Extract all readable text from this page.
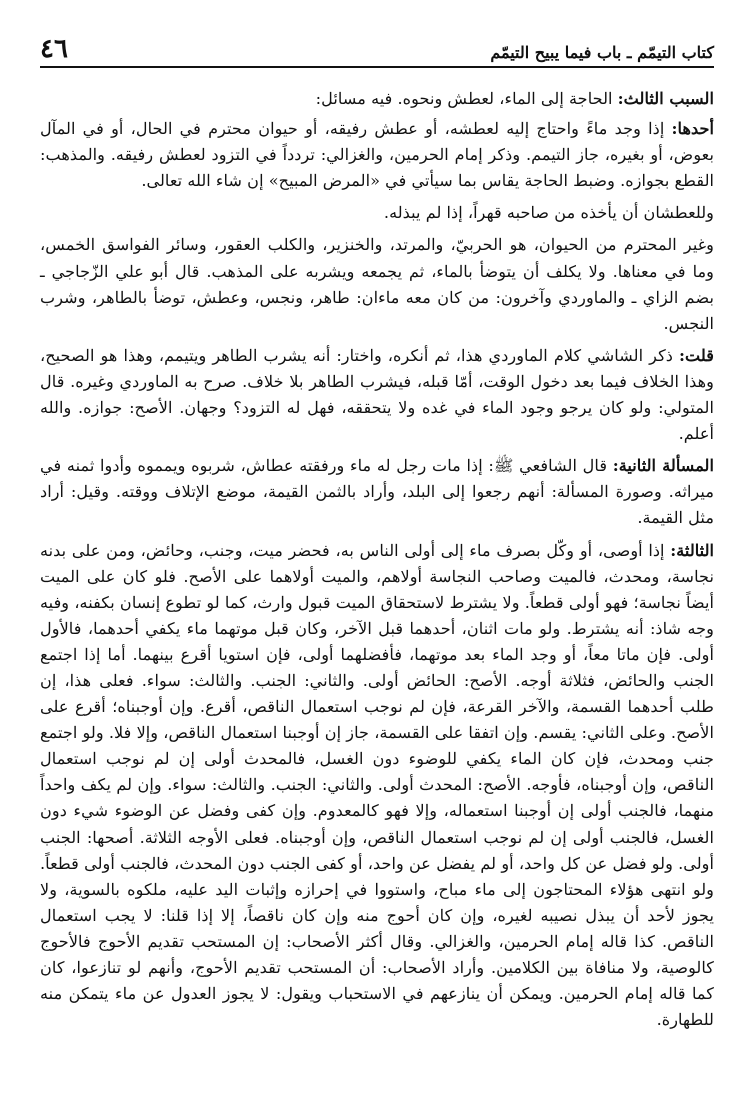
كتاب التيمّم ـ باب فيما يبيح التيمّم
٤٦

السبب الثالث: الحاجة إلى الماء، لعطش ونحوه. فيه مسائل:

أحدها: إذا وجد ماءً واحتاج إليه لعطشه، أو عطش رفيقه، أو حيوان محترم في الحال، أو في المآل بعوض، أو بغيره، جاز التيمم. وذكر إمام الحرمين، والغزالي: تردداً في التزود لعطش رفيقه. والمذهب: القطع بجوازه. وضبط الحاجة يقاس بما سيأتي في «المرض المبيح» إن شاء الله تعالى.

وللعطشان أن يأخذه من صاحبه قهراً، إذا لم يبذله.

وغير المحترم من الحيوان، هو الحربيّ، والمرتد، والخنزير، والكلب العقور، وسائر الفواسق الخمس، وما في معناها. ولا يكلف أن يتوضأ بالماء، ثم يجمعه ويشربه على المذهب. قال أبو علي الزّجاجي ـ بضم الزاي ـ والماوردي وآخرون: من كان معه ماءان: طاهر، ونجس، وعطش، توضأ بالطاهر، وشرب النجس.

قلت: ذكر الشاشي كلام الماوردي هذا، ثم أنكره، واختار: أنه يشرب الطاهر ويتيمم، وهذا هو الصحيح، وهذا الخلاف فيما بعد دخول الوقت، أمّا قبله، فيشرب الطاهر بلا خلاف. صرح به الماوردي وغيره. قال المتولي: ولو كان يرجو وجود الماء في غده ولا يتحققه، فهل له التزود؟ وجهان. الأصح: جوازه. والله أعلم.

المسألة الثانية: قال الشافعي ﷺ: إذا مات رجل له ماء ورفقته عطاش، شربوه ويمموه وأدوا ثمنه في ميراثه. وصورة المسألة: أنهم رجعوا إلى البلد، وأراد بالثمن القيمة، موضع الإتلاف ووقته. وقيل: أراد مثل القيمة.

الثالثة: إذا أوصى، أو وكّل بصرف ماء إلى أولى الناس به، فحضر ميت، وجنب، وحائض، ومن على بدنه نجاسة، ومحدث، فالميت وصاحب النجاسة أولاهم، والميت أولاهما على الأصح. فلو كان على الميت أيضاً نجاسة؛ فهو أولى قطعاً. ولا يشترط لاستحقاق الميت قبول وارث، كما لو تطوع إنسان بكفنه، وفيه وجه شاذ: أنه يشترط. ولو مات اثنان، أحدهما قبل الآخر، وكان قبل موتهما ماء يكفي أحدهما، فالأول أولى. فإن ماتا معاً، أو وجد الماء بعد موتهما، فأفضلهما أولى، فإن استويا أقرع بينهما. أما إذا اجتمع الجنب والحائض، فثلاثة أوجه. الأصح: الحائض أولى. والثاني: الجنب. والثالث: سواء. فعلى هذا، إن طلب أحدهما القسمة، والآخر القرعة، فإن لم نوجب استعمال الناقص، أقرع. وإن أوجبناه؛ أقرع على الأصح. وعلى الثاني: يقسم. وإن اتفقا على القسمة، جاز إن أوجبنا استعمال الناقص، وإلا فلا. ولو اجتمع جنب ومحدث، فإن كان الماء يكفي للوضوء دون الغسل، فالمحدث أولى إن لم نوجب استعمال الناقص، وإن أوجبناه، فأوجه. الأصح: المحدث أولى. والثاني: الجنب. والثالث: سواء. وإن لم يكف واحداً منهما، فالجنب أولى إن أوجبنا استعماله، وإلا فهو كالمعدوم. وإن كفى وفضل عن الوضوء شيء دون الغسل، فالجنب أولى إن لم نوجب استعمال الناقص، وإن أوجبناه. فعلى الأوجه الثلاثة. أصحها: الجنب أولى. ولو فضل عن كل واحد، أو لم يفضل عن واحد، أو كفى الجنب دون المحدث، فالجنب أولى قطعاً. ولو انتهى هؤلاء المحتاجون إلى ماء مباح، واستووا في إحرازه وإثبات اليد عليه، ملكوه بالسوية، ولا يجوز لأحد أن يبذل نصيبه لغيره، وإن كان أحوج منه وإن كان ناقصاً، إلا إذا قلنا: لا يجب استعمال الناقص. كذا قاله إمام الحرمين، والغزالي. وقال أكثر الأصحاب: إن المستحب تقديم الأحوج فالأحوج كالوصية، ولا منافاة بين الكلامين. وأراد الأصحاب: أن المستحب تقديم الأحوج، وأنهم لو تنازعوا، كان كما قاله إمام الحرمين. ويمكن أن ينازعهم في الاستحباب ويقول: لا يجوز العدول عن ماء يتمكن منه للطهارة.
